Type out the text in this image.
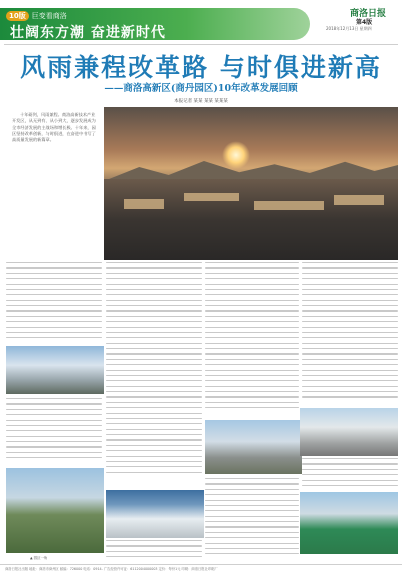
10版 巨变看商洛
壮阔东方潮 奋进新时代
商洛日报
第4版
2018年12月13日 星期四
风雨兼程改革路 与时俱进新高
——商洛高新区(商丹园区)10年改革发展回顾
本报记者 某某 某某 某某某
十年砺剑，风雨兼程。商洛高新技术产业开发区，从无到有、从小到大，逐步发展成为全市经济发展的主战场和增长极。十年来，园区坚持改革创新，与时俱进，在奋进中书写了高质量发展的新篇章。
▲ 园区一角
商洛日报社出版 地址：商洛市商州区 邮编：726000 电话：0914- 广告经营许可证：6112004000003 定价：每份1元 印刷：商洛日报社印刷厂
